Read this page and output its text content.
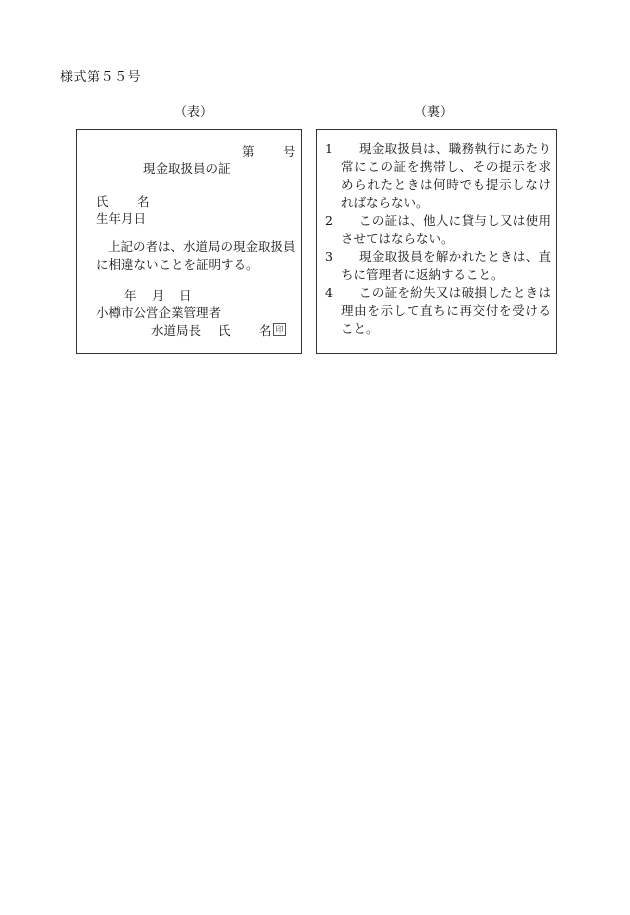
様式第５５号
（表）	（裏）
第 号
現金取扱員の証
氏 名
生年月日
上記の者は、水道局の現金取扱員に相違ないことを証明する。
年 月 日
小樽市公営企業管理者
水道局長 氏 名 印
1	現金取扱員は、職務執行にあたり常にこの証を携帯し、その提示を求められたときは何時でも提示しなければならない。
2	この証は、他人に貸与し又は使用させてはならない。
3	現金取扱員を解かれたときは、直ちに管理者に返納すること。
4	この証を紛失又は破損したときは理由を示して直ちに再交付を受けること。
